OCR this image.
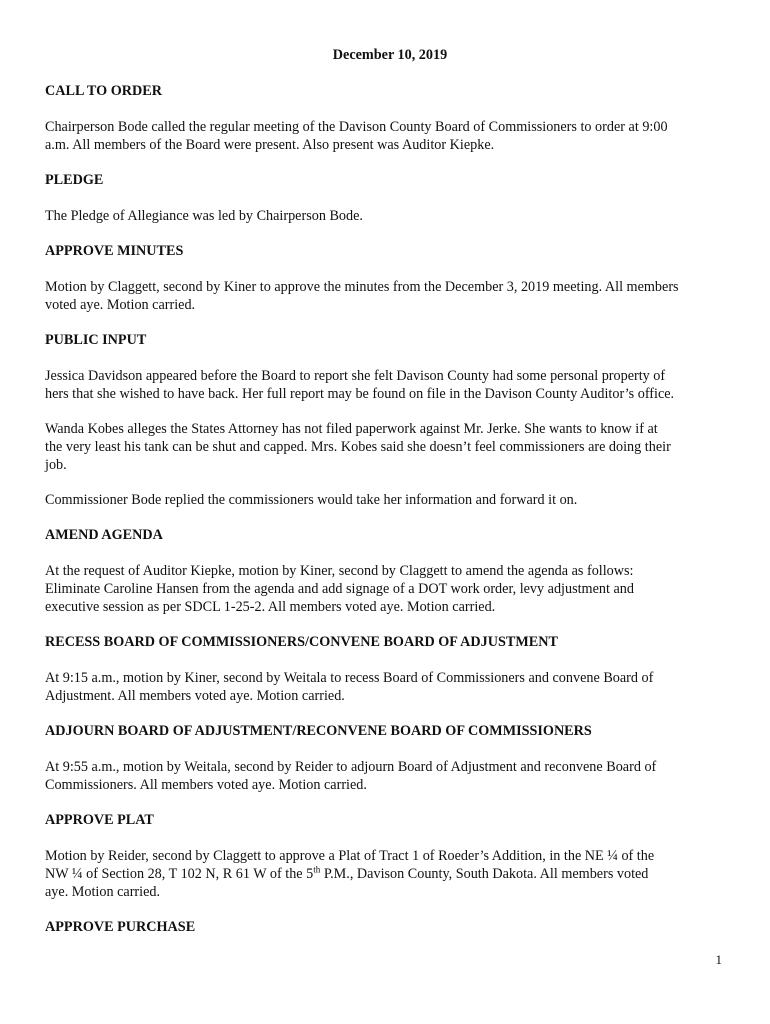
December 10, 2019
CALL TO ORDER
Chairperson Bode called the regular meeting of the Davison County Board of Commissioners to order at 9:00
a.m. All members of the Board were present. Also present was Auditor Kiepke.
PLEDGE
The Pledge of Allegiance was led by Chairperson Bode.
APPROVE MINUTES
Motion by Claggett, second by Kiner to approve the minutes from the December 3, 2019 meeting. All members
voted aye. Motion carried.
PUBLIC INPUT
Jessica Davidson appeared before the Board to report she felt Davison County had some personal property of
hers that she wished to have back. Her full report may be found on file in the Davison County Auditor’s office.
Wanda Kobes alleges the States Attorney has not filed paperwork against Mr. Jerke. She wants to know if at
the very least his tank can be shut and capped. Mrs. Kobes said she doesn’t feel commissioners are doing their
job.
Commissioner Bode replied the commissioners would take her information and forward it on.
AMEND AGENDA
At the request of Auditor Kiepke, motion by Kiner, second by Claggett to amend the agenda as follows:
Eliminate Caroline Hansen from the agenda and add signage of a DOT work order, levy adjustment and
executive session as per SDCL 1-25-2. All members voted aye. Motion carried.
RECESS BOARD OF COMMISSIONERS/CONVENE BOARD OF ADJUSTMENT
At 9:15 a.m., motion by Kiner, second by Weitala to recess Board of Commissioners and convene Board of
Adjustment. All members voted aye. Motion carried.
ADJOURN BOARD OF ADJUSTMENT/RECONVENE BOARD OF COMMISSIONERS
At 9:55 a.m., motion by Weitala, second by Reider to adjourn Board of Adjustment and reconvene Board of
Commissioners. All members voted aye. Motion carried.
APPROVE PLAT
Motion by Reider, second by Claggett to approve a Plat of Tract 1 of Roeder’s Addition, in the NE ¼ of the
NW ¼ of Section 28, T 102 N, R 61 W of the 5th P.M., Davison County, South Dakota. All members voted
aye. Motion carried.
APPROVE PURCHASE
1
